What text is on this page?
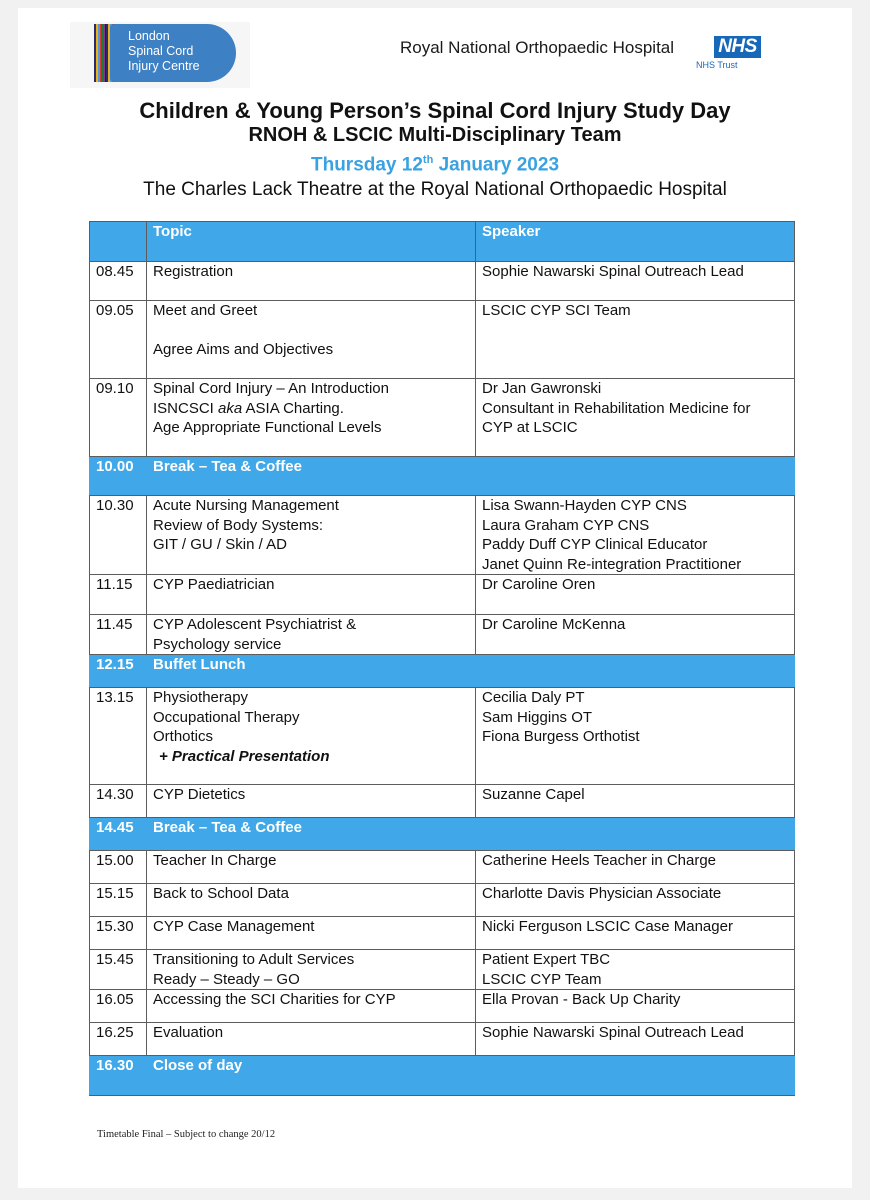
London
Spinal Cord
Injury Centre
Royal National Orthopaedic Hospital NHS
NHS Trust
Children & Young Person’s Spinal Cord Injury Study Day
RNOH & LSCIC Multi-Disciplinary Team
Thursday 12th January 2023
The Charles Lack Theatre at the Royal National Orthopaedic Hospital
	Topic	Speaker
08.45	Registration	Sophie Nawarski Spinal Outreach Lead

09.05	Meet and Greet
Agree Aims and Objectives	LSCIC CYP SCI Team

09.10	Spinal Cord Injury – An Introduction
ISNCSCI aka ASIA Charting.
Age Appropriate Functional Levels	Dr Jan Gawronski
Consultant in Rehabilitation Medicine for
CYP at LSCIC

10.00	Break – Tea & Coffee	
10.30	Acute Nursing Management
Review of Body Systems:
GIT / GU / Skin / AD	Lisa Swann-Hayden CYP CNS
Laura Graham CYP CNS
Paddy Duff CYP Clinical Educator
Janet Quinn Re-integration Practitioner

11.15	CYP Paediatrician	Dr Caroline Oren

11.45	CYP Adolescent Psychiatrist &
Psychology service	Dr Caroline McKenna

12.15	Buffet Lunch	
13.15	Physiotherapy
Occupational Therapy
Orthotics
+ Practical Presentation	Cecilia Daly PT
Sam Higgins OT
Fiona Burgess Orthotist

14.30	CYP Dietetics	Suzanne Capel

14.45	Break – Tea & Coffee	
15.00	Teacher In Charge	Catherine Heels Teacher in Charge

15.15	Back to School Data	Charlotte Davis Physician Associate

15.30	CYP Case Management	Nicki Ferguson LSCIC Case Manager

15.45	Transitioning to Adult Services
Ready – Steady – GO	Patient Expert TBC
LSCIC CYP Team

16.05	Accessing the SCI Charities for CYP	Ella Provan - Back Up Charity

16.25	Evaluation	Sophie Nawarski Spinal Outreach Lead

16.30	Close of day	
Timetable Final – Subject to change 20/12
